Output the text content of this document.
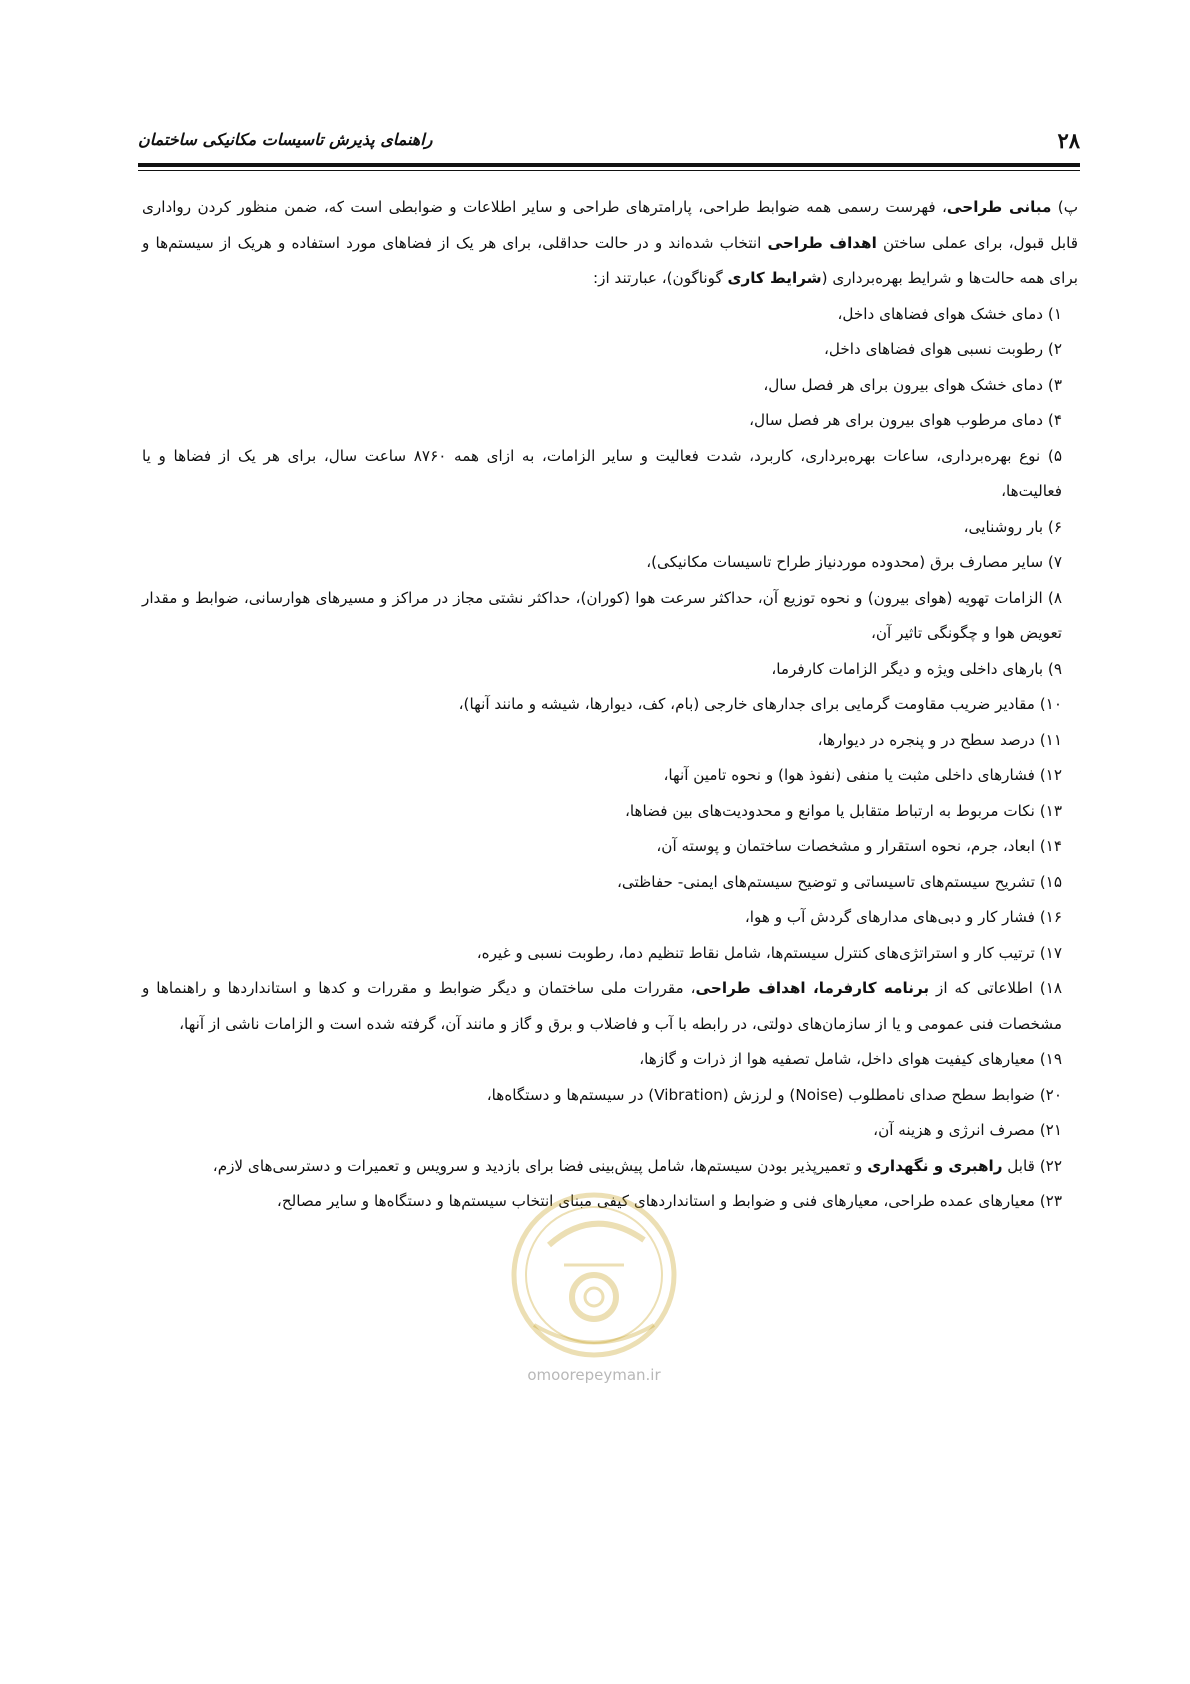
۲۸
راهنمای پذیرش تاسیسات مکانیکی ساختمان

پ) مبانی طراحی، فهرست رسمی همه ضوابط طراحی، پارامترهای طراحی و سایر اطلاعات و ضوابطی است که، ضمن منظور کردن رواداری قابل قبول، برای عملی ساختن اهداف طراحی انتخاب شده‌اند و در حالت حداقلی، برای هر یک از فضاهای مورد استفاده و هریک از سیستم‌ها و برای همه حالت‌ها و شرایط بهره‌برداری (شرایط کاری گوناگون)، عبارتند از:

۱) دمای خشک هوای فضاهای داخل،

۲) رطوبت نسبی هوای فضاهای داخل،

۳) دمای خشک هوای بیرون برای هر فصل سال،

۴) دمای مرطوب هوای بیرون برای هر فصل سال،

۵) نوع بهره‌برداری، ساعات بهره‌برداری، کاربرد، شدت فعالیت و سایر الزامات، به ازای همه ۸۷۶۰ ساعت سال، برای هر یک از فضاها و یا فعالیت‌ها،

۶) بار روشنایی،

۷) سایر مصارف برق (محدوده موردنیاز طراح تاسیسات مکانیکی)،

۸) الزامات تهویه (هوای بیرون) و نحوه توزیع آن، حداکثر سرعت هوا (کوران)، حداکثر نشتی مجاز در مراکز و مسیرهای هوارسانی، ضوابط و مقدار تعویض هوا و چگونگی تاثیر آن،

۹) بارهای داخلی ویژه و دیگر الزامات کارفرما،

۱۰) مقادیر ضریب مقاومت گرمایی برای جدارهای خارجی (بام، کف، دیوارها، شیشه و مانند آنها)،

۱۱) درصد سطح در و پنجره در دیوارها،

۱۲) فشارهای داخلی مثبت یا منفی (نفوذ هوا) و نحوه تامین آنها،

۱۳) نکات مربوط به ارتباط متقابل یا موانع و محدودیت‌های بین فضاها،

۱۴) ابعاد، جرم، نحوه استقرار و مشخصات ساختمان و پوسته آن،

۱۵) تشریح سیستم‌های تاسیساتی و توضیح سیستم‌های ایمنی- حفاظتی،

۱۶) فشار کار و دبی‌های مدارهای گردش آب و هوا،

۱۷) ترتیب کار و استراتژی‌های کنترل سیستم‌ها، شامل نقاط تنظیم دما، رطوبت نسبی و غیره،

۱۸) اطلاعاتی که از برنامه کارفرما، اهداف طراحی، مقررات ملی ساختمان و دیگر ضوابط و مقررات و کدها و استانداردها و راهنماها و مشخصات فنی عمومی و یا از سازمان‌های دولتی، در رابطه با آب و فاضلاب و برق و گاز و مانند آن، گرفته شده است و الزامات ناشی از آنها،

۱۹) معیارهای کیفیت هوای داخل، شامل تصفیه هوا از ذرات و گازها،

۲۰) ضوابط سطح صدای نامطلوب (Noise) و لرزش (Vibration) در سیستم‌ها و دستگاه‌ها،

۲۱) مصرف انرژی و هزینه آن،

۲۲) قابل راهبری و نگهداری و تعمیرپذیر بودن سیستم‌ها، شامل پیش‌بینی فضا برای بازدید و سرویس و تعمیرات و دسترسی‌های لازم،

۲۳) معیارهای عمده طراحی، معیارهای فنی و ضوابط و استانداردهای کیفی مبنای انتخاب سیستم‌ها و دستگاه‌ها و سایر مصالح،

omoorepeyman.ir
